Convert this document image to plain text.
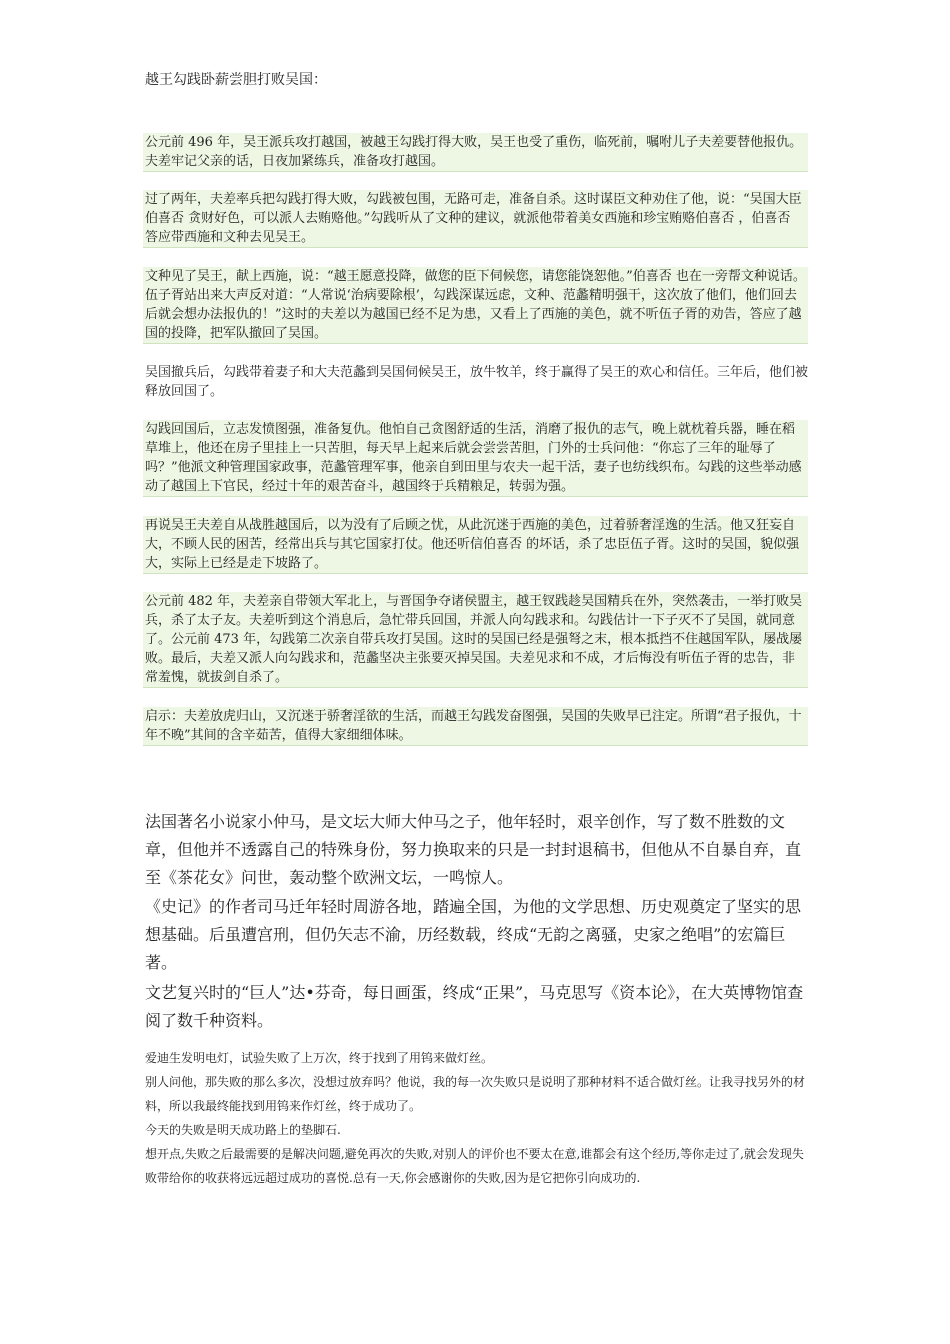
越王勾践卧薪尝胆打败吴国：
公元前 496 年，吴王派兵攻打越国，被越王勾践打得大败，吴王也受了重伤，临死前，嘱咐儿子夫差要替他报仇。夫差牢记父亲的话，日夜加紧练兵，准备攻打越国。
过了两年，夫差率兵把勾践打得大败，勾践被包围，无路可走，准备自杀。这时谋臣文种劝住了他，说：“吴国大臣伯喜否 贪财好色，可以派人去贿赂他。”勾践听从了文种的建议，就派他带着美女西施和珍宝贿赂伯喜否 ，伯喜否 答应带西施和文种去见吴王。
文种见了吴王，献上西施，说：“越王愿意投降，做您的臣下伺候您，请您能饶恕他。”伯喜否 也在一旁帮文种说话。伍子胥站出来大声反对道：“人常说‘治病要除根’，勾践深谋远虑，文种、范蠡精明强干，这次放了他们，他们回去后就会想办法报仇的！”这时的夫差以为越国已经不足为患，又看上了西施的美色，就不听伍子胥的劝告，答应了越国的投降，把军队撤回了吴国。
吴国撤兵后，勾践带着妻子和大夫范蠡到吴国伺候吴王，放牛牧羊，终于赢得了吴王的欢心和信任。三年后，他们被释放回国了。
勾践回国后，立志发愤图强，准备复仇。他怕自己贪图舒适的生活，消磨了报仇的志气，晚上就枕着兵器，睡在稻草堆上，他还在房子里挂上一只苦胆，每天早上起来后就会尝尝苦胆，门外的士兵问他：“你忘了三年的耻辱了吗？”他派文种管理国家政事，范蠡管理军事，他亲自到田里与农夫一起干活，妻子也纺线织布。勾践的这些举动感动了越国上下官民，经过十年的艰苦奋斗，越国终于兵精粮足，转弱为强。
再说吴王夫差自从战胜越国后，以为没有了后顾之忧，从此沉迷于西施的美色，过着骄奢淫逸的生活。他又狂妄自大，不顾人民的困苦，经常出兵与其它国家打仗。他还听信伯喜否 的坏话，杀了忠臣伍子胥。这时的吴国，貌似强大，实际上已经是走下坡路了。
公元前 482 年，夫差亲自带领大军北上，与晋国争夺诸侯盟主，越王钗践趁吴国精兵在外，突然袭击，一举打败吴兵，杀了太子友。夫差听到这个消息后，急忙带兵回国，并派人向勾践求和。勾践估计一下子灭不了吴国，就同意了。公元前 473 年，勾践第二次亲自带兵攻打吴国。这时的吴国已经是强弩之末，根本抵挡不住越国军队，屡战屡败。最后，夫差又派人向勾践求和，范蠡坚决主张要灭掉吴国。夫差见求和不成，才后悔没有听伍子胥的忠告，非常羞愧，就拔剑自杀了。
启示：夫差放虎归山，又沉迷于骄奢淫欲的生活，而越王勾践发奋图强，吴国的失败早已注定。所谓“君子报仇，十年不晚”其间的含辛茹苦，值得大家细细体味。
法国著名小说家小仲马，是文坛大师大仲马之子，他年轻时，艰辛创作，写了数不胜数的文章，但他并不透露自己的特殊身份，努力换取来的只是一封封退稿书，但他从不自暴自弃，直至《茶花女》问世，轰动整个欧洲文坛，一鸣惊人。
《史记》的作者司马迁年轻时周游各地，踏遍全国，为他的文学思想、历史观奠定了坚实的思想基础。后虽遭宫刑，但仍矢志不渝，历经数载，终成“无韵之离骚，史家之绝唱”的宏篇巨著。
文艺复兴时的“巨人”达•芬奇，每日画蛋，终成“正果”，马克思写《资本论》，在大英博物馆查阅了数千种资料。
爱迪生发明电灯，试验失败了上万次，终于找到了用钨来做灯丝。
别人问他，那失败的那么多次，没想过放弃吗？他说，我的每一次失败只是说明了那种材料不适合做灯丝。让我寻找另外的材料，所以我最终能找到用钨来作灯丝，终于成功了。
今天的失败是明天成功路上的垫脚石.
想开点,失败之后最需要的是解决问题,避免再次的失败,对别人的评价也不要太在意,谁都会有这个经历,等你走过了,就会发现失败带给你的收获将远远超过成功的喜悦.总有一天,你会感谢你的失败,因为是它把你引向成功的.
